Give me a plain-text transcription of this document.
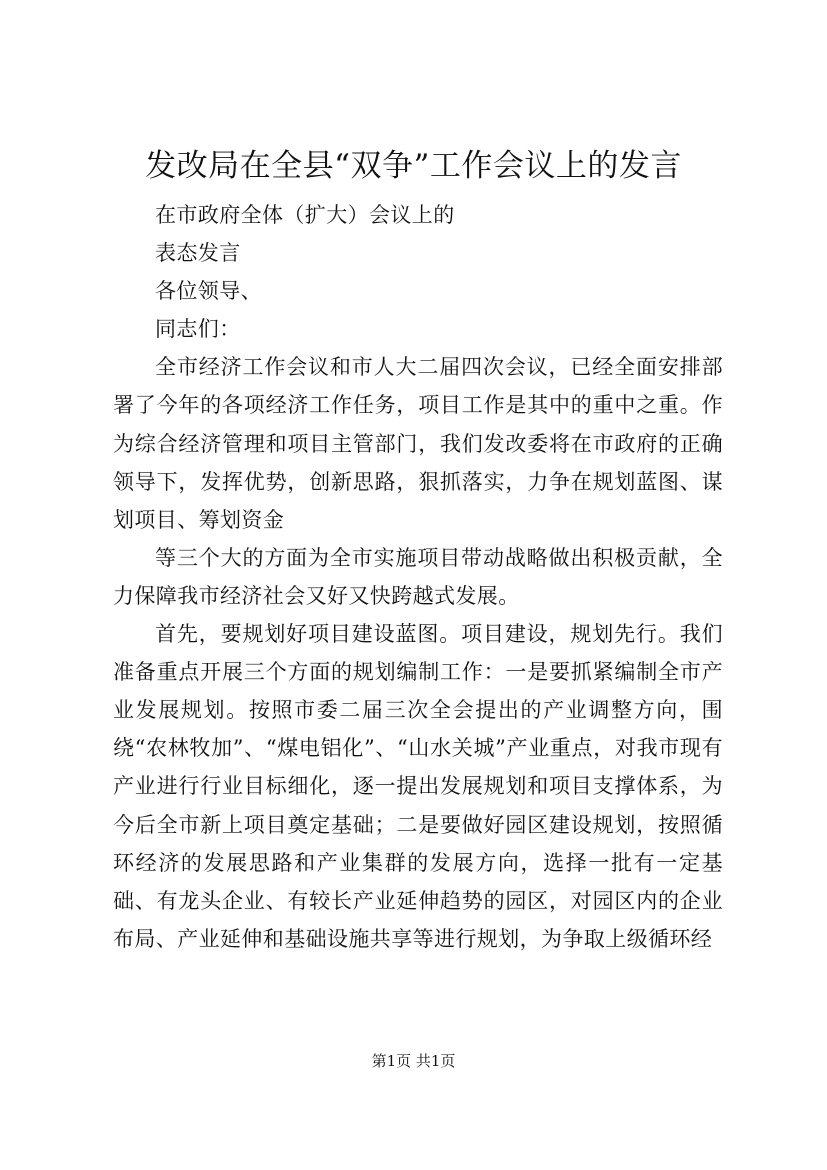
发改局在全县“双争”工作会议上的发言

在市政府全体（扩大）会议上的

表态发言

各位领导、

同志们：

全市经济工作会议和市人大二届四次会议，已经全面安排部署了今年的各项经济工作任务，项目工作是其中的重中之重。作为综合经济管理和项目主管部门，我们发改委将在市政府的正确领导下，发挥优势，创新思路，狠抓落实，力争在规划蓝图、谋划项目、筹划资金

等三个大的方面为全市实施项目带动战略做出积极贡献，全力保障我市经济社会又好又快跨越式发展。

首先，要规划好项目建设蓝图。项目建设，规划先行。我们准备重点开展三个方面的规划编制工作：一是要抓紧编制全市产业发展规划。按照市委二届三次全会提出的产业调整方向，围绕“农林牧加”、“煤电铝化”、“山水关城”产业重点，对我市现有产业进行行业目标细化，逐一提出发展规划和项目支撑体系，为今后全市新上项目奠定基础；二是要做好园区建设规划，按照循环经济的发展思路和产业集群的发展方向，选择一批有一定基础、有龙头企业、有较长产业延伸趋势的园区，对园区内的企业布局、产业延伸和基础设施共享等进行规划，为争取上级循环经

第1页 共1页
